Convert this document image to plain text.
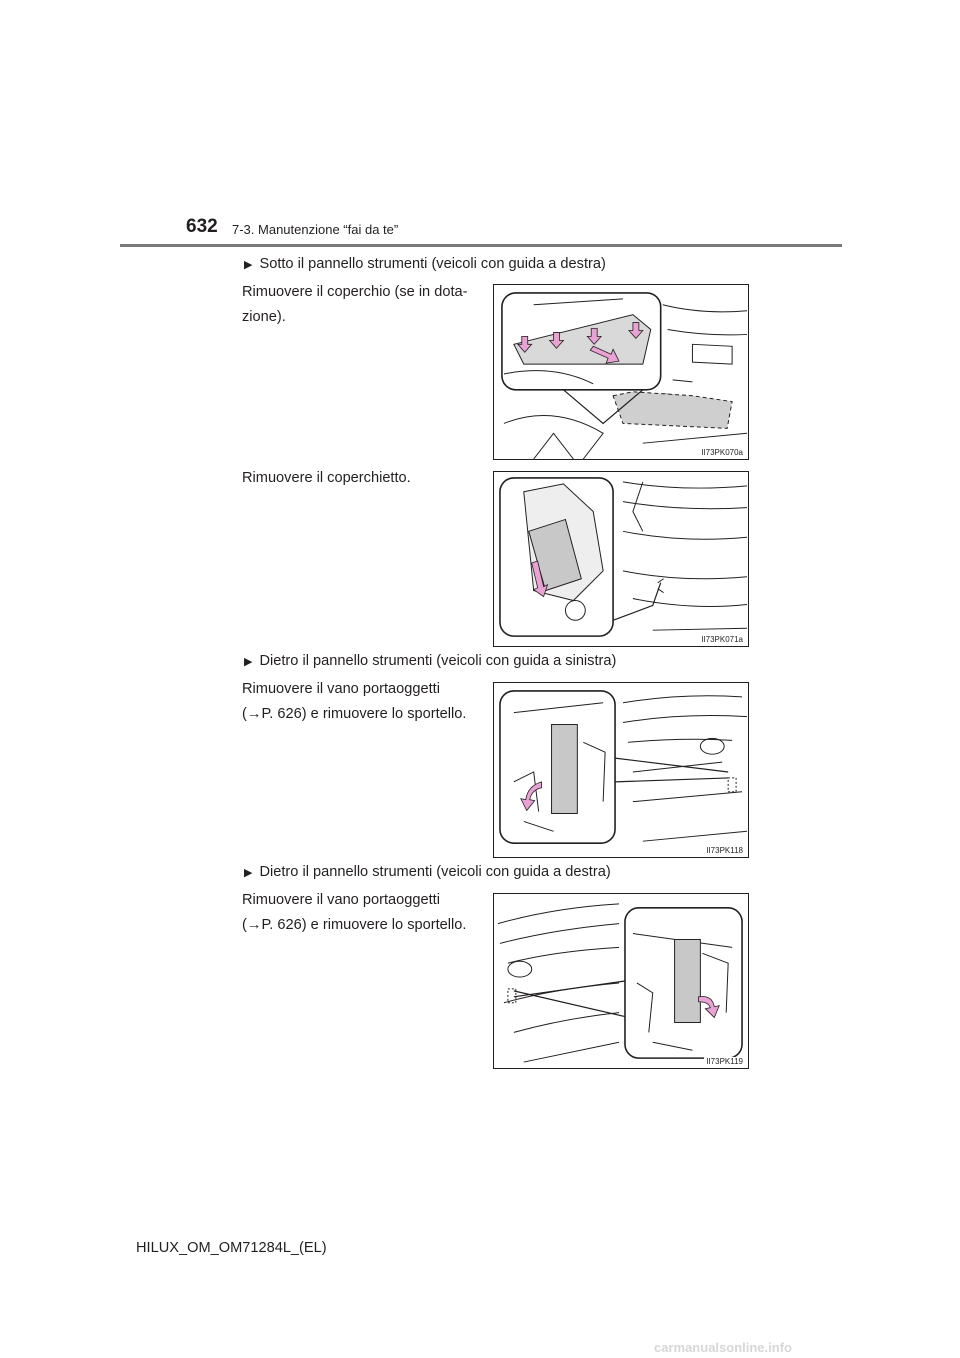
632 7-3. Manutenzione “fai da te”
▶ Sotto il pannello strumenti (veicoli con guida a destra)
Rimuovere il coperchio (se in dota-
zione).
II73PK070a
Rimuovere il coperchietto.
II73PK071a
▶ Dietro il pannello strumenti (veicoli con guida a sinistra)
Rimuovere il vano portaoggetti
(→P. 626) e rimuovere lo sportello.
II73PK118
▶ Dietro il pannello strumenti (veicoli con guida a destra)
Rimuovere il vano portaoggetti
(→P. 626) e rimuovere lo sportello.
II73PK119
HILUX_OM_OM71284L_(EL)
carmanualsonline.info
